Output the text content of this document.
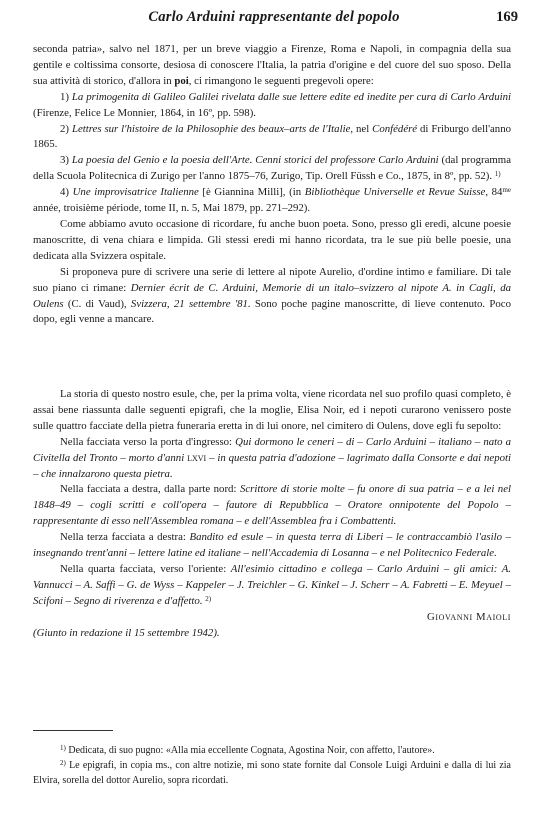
Carlo Arduini rappresentante del popolo	169

seconda patria», salvo nel 1871, per un breve viaggio a Firenze, Roma e Napoli, in compagnia della sua gentile e coltissima consorte, desiosa di conoscere l'Italia, la patria d'origine e del cuore del suo sposo. Della sua attività di storico, d'allora in poi, ci rimangono le seguenti pregevoli opere:

1) La primogenita di Galileo Galilei rivelata dalle sue lettere edite ed inedite per cura di Carlo Arduini (Firenze, Felice Le Monnier, 1864, in 16º, pp. 598).

2) Lettres sur l'histoire de la Philosophie des beaux–arts de l'Italie, nel Confédéré di Friburgo dell'anno 1865.

3) La poesia del Genio e la poesia dell'Arte. Cenni storici del professore Carlo Arduini (dal programma della Scuola Politecnica di Zurigo per l'anno 1875–76, Zurigo, Tip. Orell Füssh e Co., 1875, in 8º, pp. 52). $^{1)}$

4) Une improvisatrice Italienne [è Giannina Milli], (in Bibliothèque Universelle et Revue Suisse, $84^{me}$ année, troisième période, tome II, n. 5, Mai 1879, pp. 271–292).

Come abbiamo avuto occasione di ricordare, fu anche buon poeta. Sono, presso gli eredi, alcune poesie manoscritte, di vena chiara e limpida. Gli stessi eredi mi hanno ricordata, tra le sue più belle poesie, una dedicata alla Svizzera ospitale.

Si proponeva pure di scrivere una serie di lettere al nipote Aurelio, d'ordine intimo e familiare. Di tale suo piano ci rimane: Dernier écrit de C. Arduini, Memorie di un italo–svizzero al nipote A. in Cagli, da Oulens (C. di Vaud), Svizzera, 21 settembre '81. Sono poche pagine manoscritte, di lieve contenuto. Poco dopo, egli venne a mancare.

La storia di questo nostro esule, che, per la prima volta, viene ricordata nel suo profilo quasi completo, è assai bene riassunta dalle seguenti epigrafi, che la moglie, Elisa Noir, ed i nepoti curarono venissero poste sulle quattro facciate della pietra funeraria eretta in di lui onore, nel cimitero di Oulens, dove egli fu sepolto:

Nella facciata verso la porta d'ingresso: Qui dormono le ceneri – di – Carlo Arduini – italiano – nato a Civitella del Tronto – morto d'anni lxvi – in questa patria d'adozione – lagrimato dalla Consorte e dai nepoti – che innalzarono questa pietra.

Nella facciata a destra, dalla parte nord: Scrittore di storie molte – fu onore di sua patria – e a lei nel 1848–49 – cogli scritti e coll'opera – fautore di Repubblica – Oratore onnipotente del Popolo – rappresentante di esso nell'Assemblea romana – e dell'Assemblea fra i Combattenti.

Nella terza facciata a destra: Bandito ed esule – in questa terra di Liberi – le contraccambiò l'asilo – insegnando trent'anni – lettere latine ed italiane – nell'Accademia di Losanna – e nel Politecnico Federale.

Nella quarta facciata, verso l'oriente: All'esimio cittadino e collega – Carlo Arduini – gli amici: A. Vannucci – A. Saffi – G. de Wyss – Kappeler – J. Treichler – G. Kinkel – J. Scherr – A. Fabretti – E. Meyuel – Scifoni – Segno di riverenza e d'affetto. $^{2)}$

Giovanni Maioli

(Giunto in redazione il 15 settembre 1942).

$^{1)}$ Dedicata, di suo pugno: «Alla mia eccellente Cognata, Agostina Noir, con affetto, l'autore».

$^{2)}$ Le epigrafi, in copia ms., con altre notizie, mi sono state fornite dal Console Luigi Arduini e dalla di lui zia Elvira, sorella del dottor Aurelio, sopra ricordati.
